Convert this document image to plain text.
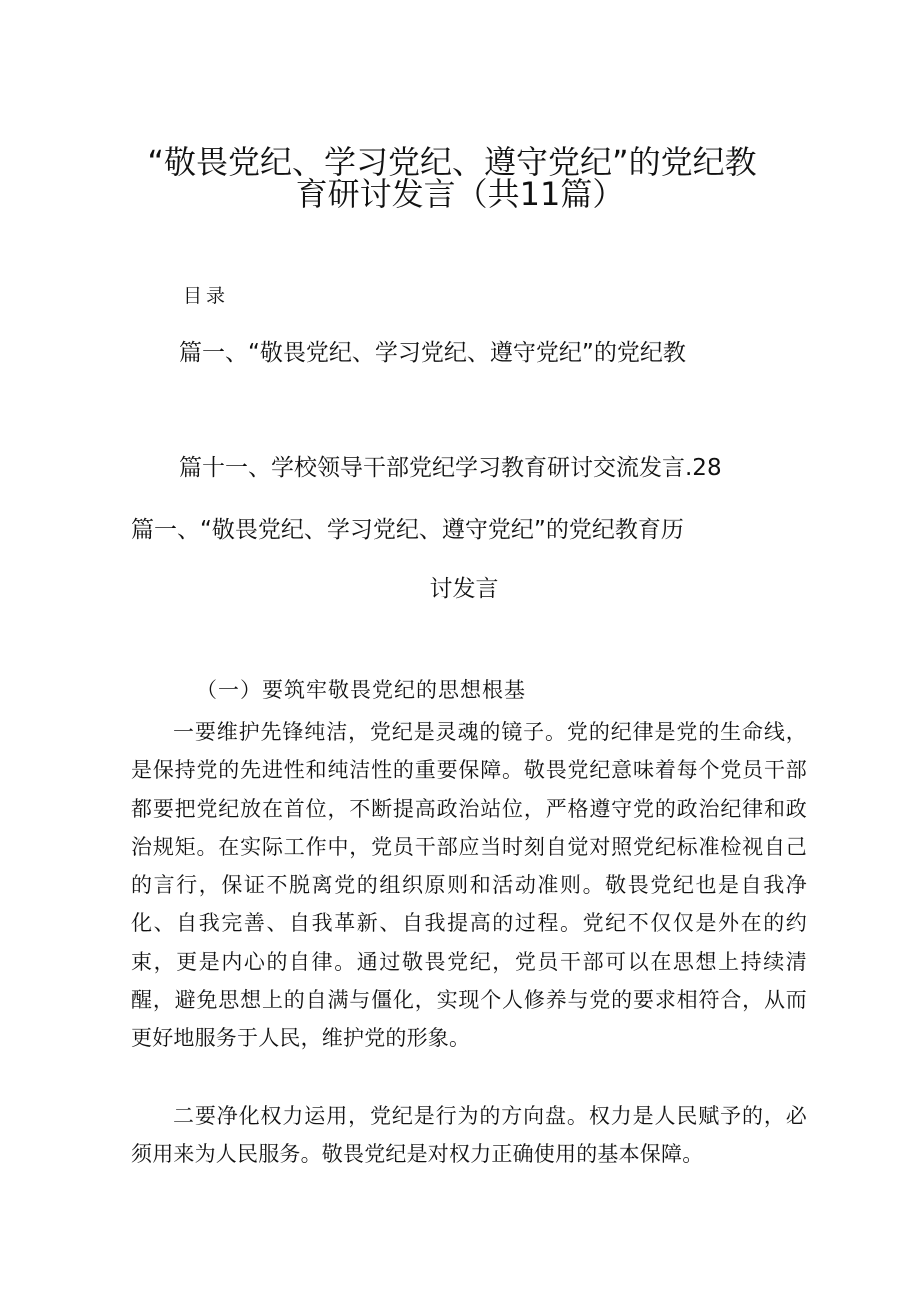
“敬畏党纪、学习党纪、遵守党纪”的党纪教
育研讨发言（共11篇）
目录
篇一、“敬畏党纪、学习党纪、遵守党纪”的党纪教
篇十一、学校领导干部党纪学习教育研讨交流发言.28
篇一、“敬畏党纪、学习党纪、遵守党纪”的党纪教育历
讨发言
（一）要筑牢敬畏党纪的思想根基

一要维护先锋纯洁，党纪是灵魂的镜子。党的纪律是党的生命线，是保持党的先进性和纯洁性的重要保障。敬畏党纪意味着每个党员干部都要把党纪放在首位，不断提高政治站位，严格遵守党的政治纪律和政治规矩。在实际工作中，党员干部应当时刻自觉对照党纪标准检视自己的言行，保证不脱离党的组织原则和活动准则。敬畏党纪也是自我净化、自我完善、自我革新、自我提高的过程。党纪不仅仅是外在的约束，更是内心的自律。通过敬畏党纪，党员干部可以在思想上持续清醒，避免思想上的自满与僵化，实现个人修养与党的要求相符合，从而更好地服务于人民，维护党的形象。

二要净化权力运用，党纪是行为的方向盘。权力是人民赋予的，必须用来为人民服务。敬畏党纪是对权力正确使用的基本保障。
